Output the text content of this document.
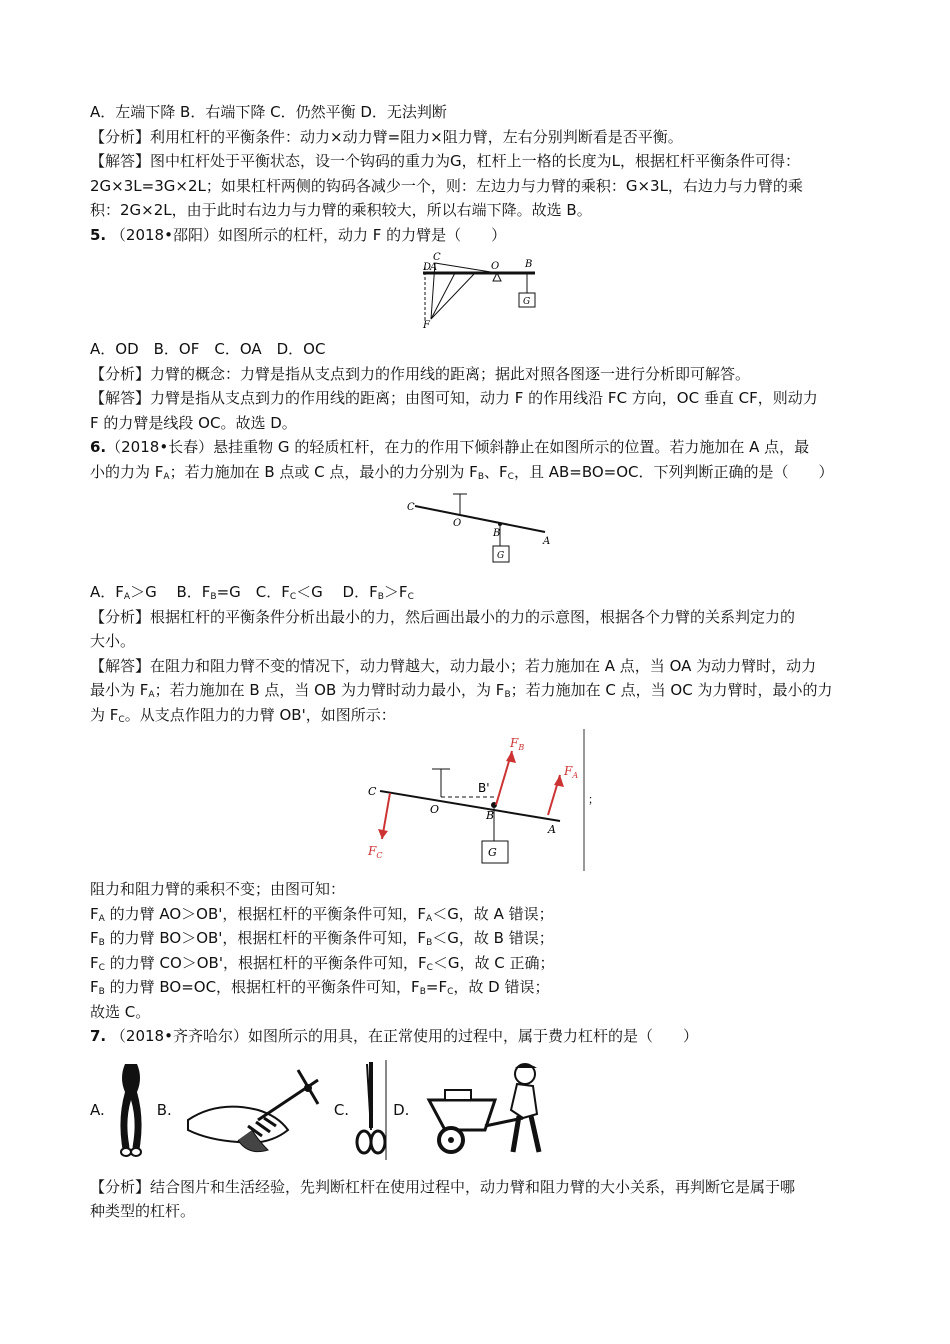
A．左端下降 B．右端下降 C．仍然平衡 D．无法判断
【分析】利用杠杆的平衡条件：动力×动力臂=阻力×阻力臂，左右分别判断看是否平衡。
【解答】图中杠杆处于平衡状态，设一个钩码的重力为G，杠杆上一格的长度为L，根据杠杆平衡条件可得：
2G×3L=3G×2L；如果杠杆两侧的钩码各减少一个，则：左边力与力臂的乘积：G×3L，右边力与力臂的乘
积：2G×2L，由于此时右边力与力臂的乘积较大，所以右端下降。故选 B。
5. （2018•邵阳）如图所示的杠杆，动力 F 的力臂是（　　）
D
A
C
O	B
F
G
A．OD　B．OF　C．OA　D．OC
【分析】力臂的概念：力臂是指从支点到力的作用线的距离；据此对照各图逐一进行分析即可解答。
【解答】力臂是指从支点到力的作用线的距离；由图可知，动力 F 的作用线沿 FC 方向，OC 垂直 CF，则动力
F 的力臂是线段 OC。故选 D。
6.（2018•长春）悬挂重物 G 的轻质杠杆，在力的作用下倾斜静止在如图所示的位置。若力施加在 A 点，最
小的力为 $F_A$；若力施加在 B 点或 C 点，最小的力分别为 $F_B$、$F_C$，且 AB=BO=OC．下列判断正确的是（　　）
C
O
B
A
G
A．$F_A>G$　 B．$F_B=G$　C．$F_C<G$　 D．$F_B>F_C$
【分析】根据杠杆的平衡条件分析出最小的力，然后画出最小的力的示意图，根据各个力臂的关系判定力的
大小。
【解答】在阻力和阻力臂不变的情况下，动力臂越大，动力最小；若力施加在 A 点，当 OA 为动力臂时，动力
最小为 $F_A$；若力施加在 B 点，当 OB 为力臂时动力最小，为 $F_B$；若力施加在 C 点，当 OC 为力臂时，最小的力
为 $F_C$。从支点作阻力的力臂 OB'，如图所示：
C
O
B'
B
A
G
$F_B$
$F_A$
$F_C$
；
阻力和阻力臂的乘积不变；由图可知：
$F_A$ 的力臂 AO＞OB'，根据杠杆的平衡条件可知，$F_A<G$，故 A 错误；
$F_B$ 的力臂 BO＞OB'，根据杠杆的平衡条件可知，$F_B<G$，故 B 错误；
$F_C$ 的力臂 CO＞OB'，根据杠杆的平衡条件可知，$F_C<G$，故 C 正确；
$F_B$ 的力臂 BO=OC，根据杠杆的平衡条件可知，$F_B=F_C$，故 D 错误；
故选 C。
7. （2018•齐齐哈尔）如图所示的用具，在正常使用的过程中，属于费力杠杆的是（　　）
A.	B.	C.	D.
【分析】结合图片和生活经验，先判断杠杆在使用过程中，动力臂和阻力臂的大小关系，再判断它是属于哪
种类型的杠杆。
